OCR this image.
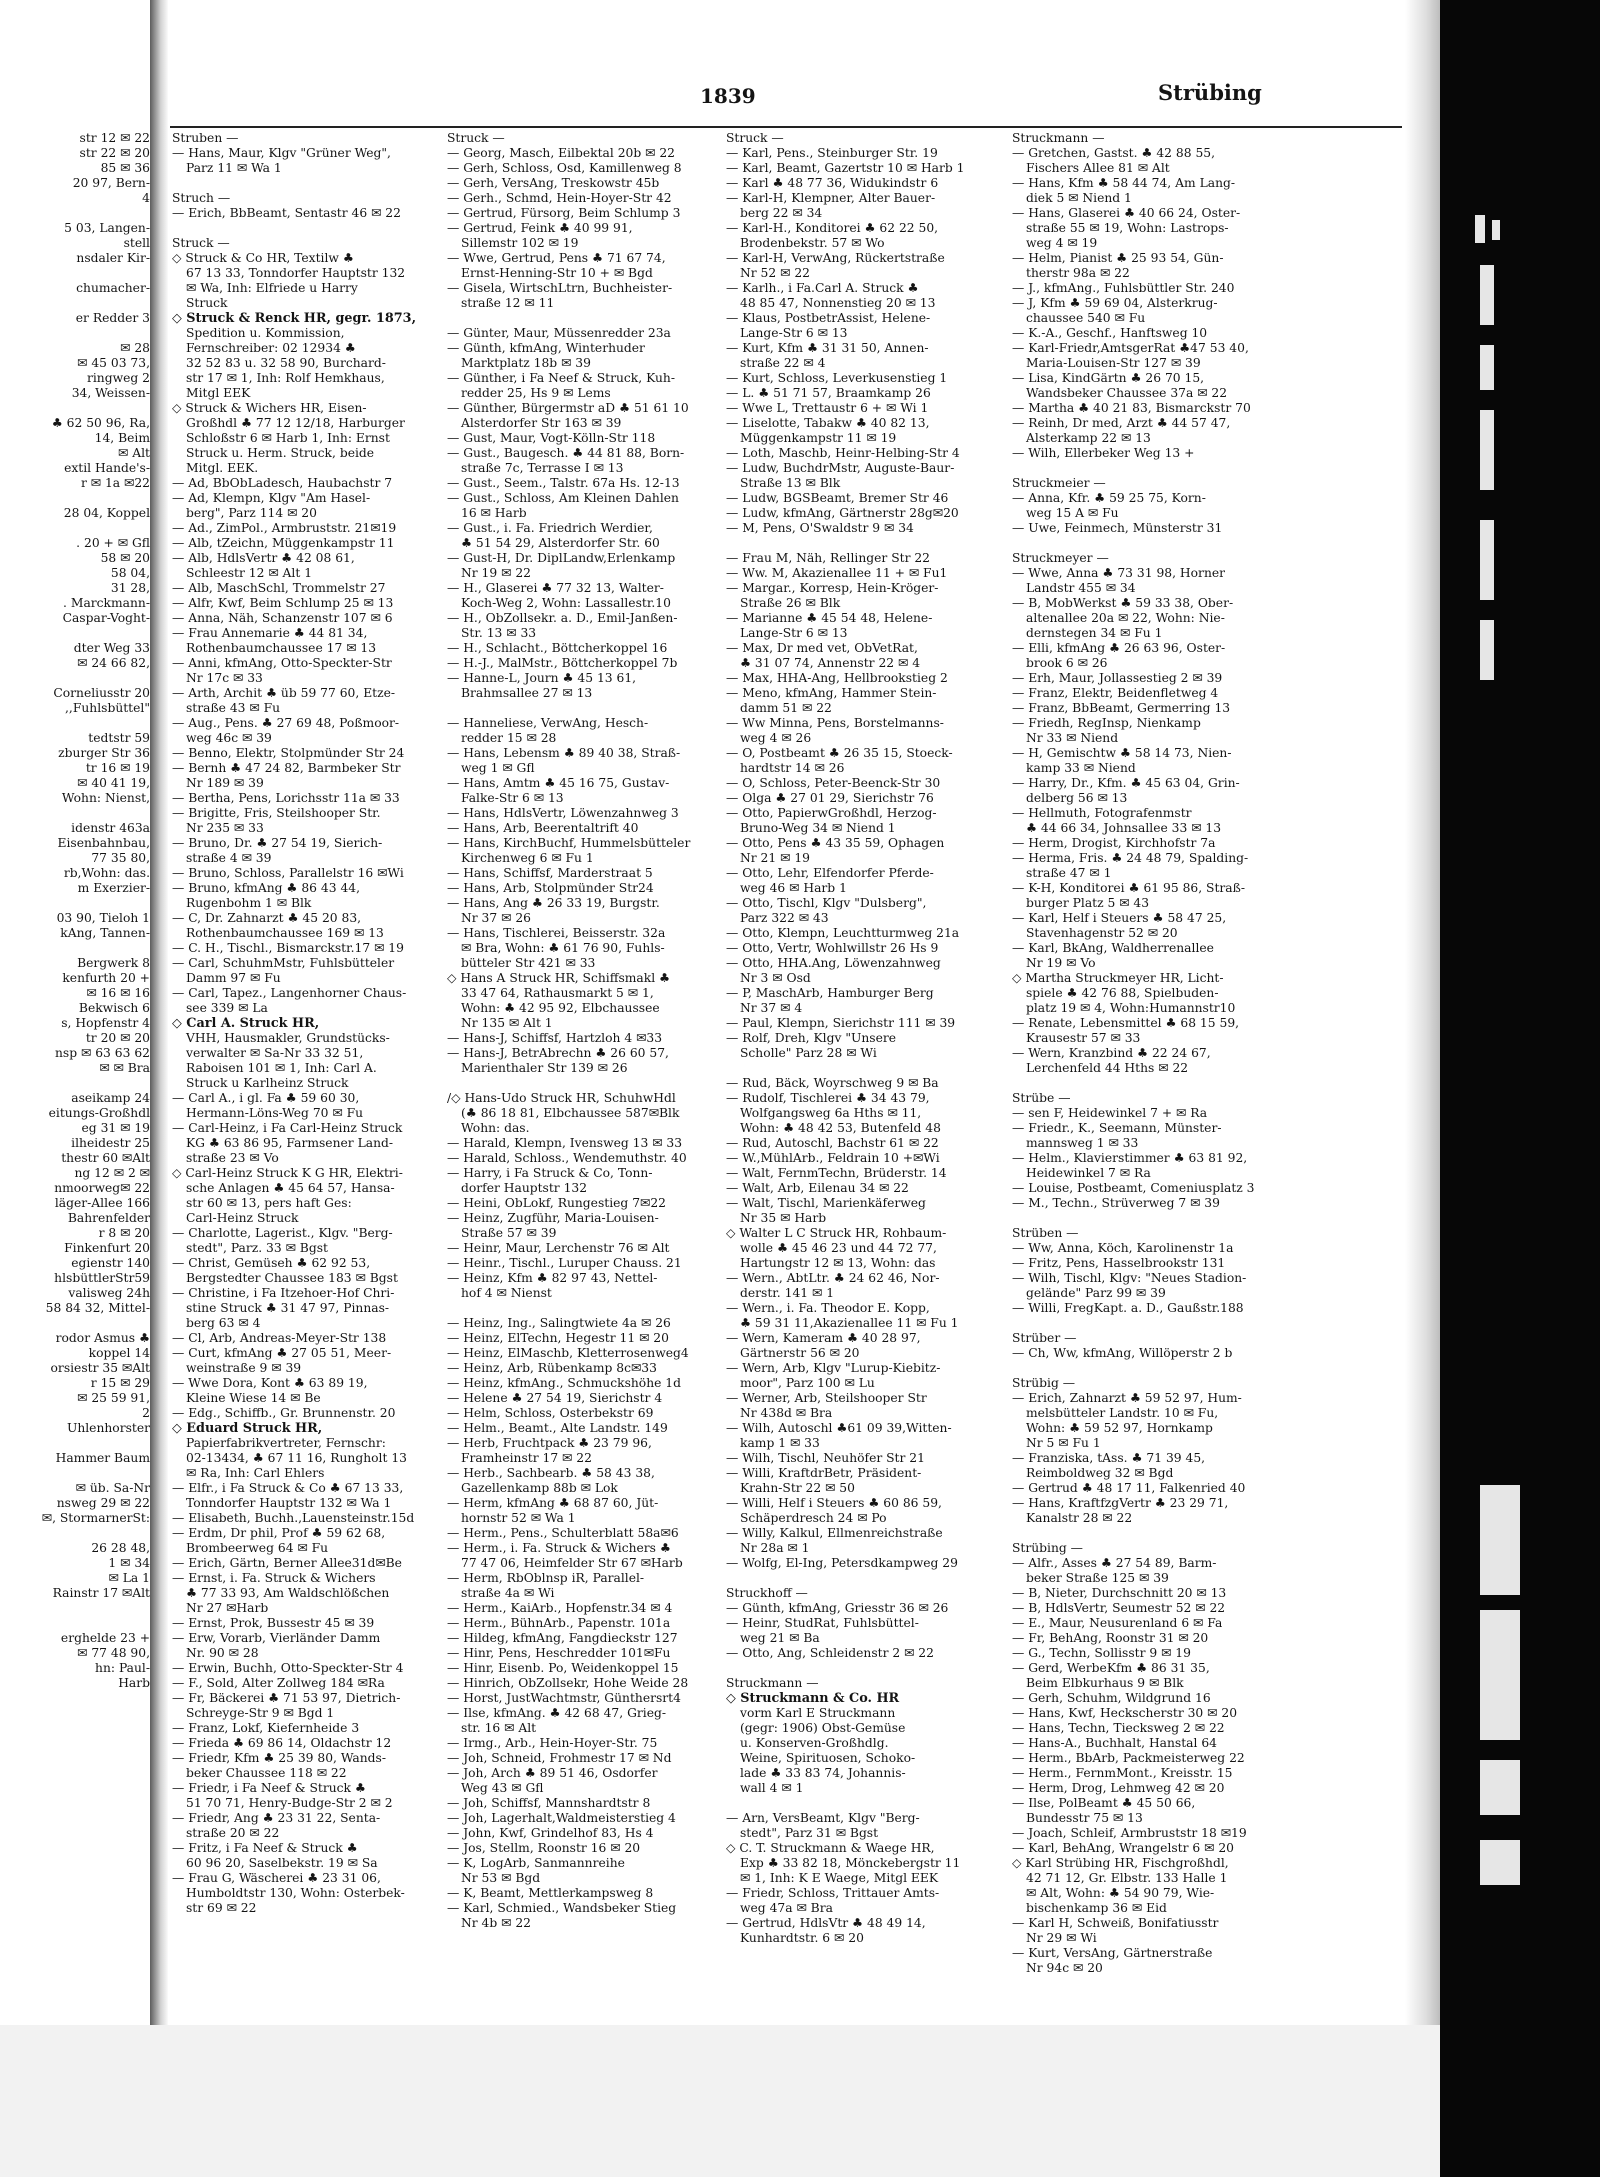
1839	Strübing
str 12 ✉ 22
str 22 ✉ 20
85 ✉ 36
20 97, Bern-
4

5 03, Langen-
stell
nsdaler Kir-

chumacher-

er Redder 3

✉ 28
✉ 45 03 73,
ringweg 2
34, Weissen-

♣ 62 50 96, Ra,
14, Beim
✉ Alt
extil Hande's-
r ✉ 1a ✉22

28 04, Koppel

. 20 + ✉ Gfl
58 ✉ 20
58 04,
31 28,
. Marckmann-
Caspar-Voght-

dter Weg 33
✉ 24 66 82,

Corneliusstr 20
,,Fuhlsbüttel"

tedtstr 59
zburger Str 36
tr 16 ✉ 19
✉ 40 41 19,
Wohn: Nienst,

idenstr 463a
Eisenbahnbau,
77 35 80,
rb,Wohn: das.
m Exerzier-

03 90, Tieloh 1
kAng, Tannen-

Bergwerk 8
kenfurth 20 +
✉ 16 ✉ 16
Bekwisch 6
s, Hopfenstr 4
tr 20 ✉ 20
nsp ✉ 63 63 62
✉ ✉ Bra

aseikamp 24
eitungs-Großhdl
eg 31 ✉ 19
ilheidestr 25
thestr 60 ✉Alt
ng 12 ✉ 2 ✉
nmoorweg✉ 22
läger-Allee 166
Bahrenfelder
r 8 ✉ 20
Finkenfurt 20
egienstr 140
hlsbüttlerStr59
valisweg 24h
58 84 32, Mittel-

rodor Asmus ♣
koppel 14
orsiestr 35 ✉Alt
r 15 ✉ 29
✉ 25 59 91,
2
Uhlenhorster

Hammer Baum

✉ üb. Sa-Nr
nsweg 29 ✉ 22
✉, StormarnerSt:

26 28 48,
1 ✉ 34
✉ La 1
Rainstr 17 ✉Alt

erghelde 23 +
✉ 77 48 90,
hn: Paul-
Harb
Struben —
— Hans, Maur, Klgv "Grüner Weg",
Parz 11 ✉ Wa 1

Struch —
— Erich, BbBeamt, Sentastr 46 ✉ 22

Struck —
◇ Struck & Co HR, Textilw ♣
67 13 33, Tonndorfer Hauptstr 132
✉ Wa, Inh: Elfriede u Harry
Struck
◇ Struck & Renck HR, gegr. 1873,
Spedition u. Kommission,
Fernschreiber: 02 12934 ♣
32 52 83 u. 32 58 90, Burchard-
str 17 ✉ 1, Inh: Rolf Hemkhaus,
Mitgl EEK
◇ Struck & Wichers HR, Eisen-
Großhdl ♣ 77 12 12/18, Harburger
Schloßstr 6 ✉ Harb 1, Inh: Ernst
Struck u. Herm. Struck, beide
Mitgl. EEK.
— Ad, BbObLadesch, Haubachstr 7
— Ad, Klempn, Klgv "Am Hasel-
berg", Parz 114 ✉ 20
— Ad., ZimPol., Armbruststr. 21✉19
— Alb, tZeichn, Müggenkampstr 11
— Alb, HdlsVertr ♣ 42 08 61,
Schleestr 12 ✉ Alt 1
— Alb, MaschSchl, Trommelstr 27
— Alfr, Kwf, Beim Schlump 25 ✉ 13
— Anna, Näh, Schanzenstr 107 ✉ 6
— Frau Annemarie ♣ 44 81 34,
Rothenbaumchaussee 17 ✉ 13
— Anni, kfmAng, Otto-Speckter-Str
Nr 17c ✉ 33
— Arth, Archit ♣ üb 59 77 60, Etze-
straße 43 ✉ Fu
— Aug., Pens. ♣ 27 69 48, Poßmoor-
weg 46c ✉ 39
— Benno, Elektr, Stolpmünder Str 24
— Bernh ♣ 47 24 82, Barmbeker Str
Nr 189 ✉ 39
— Bertha, Pens, Lorichsstr 11a ✉ 33
— Brigitte, Fris, Steilshooper Str.
Nr 235 ✉ 33
— Bruno, Dr. ♣ 27 54 19, Sierich-
straße 4 ✉ 39
— Bruno, Schloss, Parallelstr 16 ✉Wi
— Bruno, kfmAng ♣ 86 43 44,
Rugenbohm 1 ✉ Blk
— C, Dr. Zahnarzt ♣ 45 20 83,
Rothenbaumchaussee 169 ✉ 13
— C. H., Tischl., Bismarckstr.17 ✉ 19
— Carl, SchuhmMstr, Fuhlsbütteler
Damm 97 ✉ Fu
— Carl, Tapez., Langenhorner Chaus-
see 339 ✉ La
◇ Carl A. Struck HR,
VHH, Hausmakler, Grundstücks-
verwalter ✉ Sa-Nr 33 32 51,
Raboisen 101 ✉ 1, Inh: Carl A.
Struck u Karlheinz Struck
— Carl A., i gl. Fa ♣ 59 60 30,
Hermann-Löns-Weg 70 ✉ Fu
— Carl-Heinz, i Fa Carl-Heinz Struck
KG ♣ 63 86 95, Farmsener Land-
straße 23 ✉ Vo
◇ Carl-Heinz Struck K G HR, Elektri-
sche Anlagen ♣ 45 64 57, Hansa-
str 60 ✉ 13, pers haft Ges:
Carl-Heinz Struck
— Charlotte, Lagerist., Klgv. "Berg-
stedt", Parz. 33 ✉ Bgst
— Christ, Gemüseh ♣ 62 92 53,
Bergstedter Chaussee 183 ✉ Bgst
— Christine, i Fa Itzehoer-Hof Chri-
stine Struck ♣ 31 47 97, Pinnas-
berg 63 ✉ 4
— Cl, Arb, Andreas-Meyer-Str 138
— Curt, kfmAng ♣ 27 05 51, Meer-
weinstraße 9 ✉ 39
— Wwe Dora, Kont ♣ 63 89 19,
Kleine Wiese 14 ✉ Be
— Edg., Schiffb., Gr. Brunnenstr. 20
◇ Eduard Struck HR,
Papierfabrikvertreter, Fernschr:
02-13434, ♣ 67 11 16, Rungholt 13
✉ Ra, Inh: Carl Ehlers
— Elfr., i Fa Struck & Co ♣ 67 13 33,
Tonndorfer Hauptstr 132 ✉ Wa 1
— Elisabeth, Buchh.,Lauensteinstr.15d
— Erdm, Dr phil, Prof ♣ 59 62 68,
Brombeerweg 64 ✉ Fu
— Erich, Gärtn, Berner Allee31d✉Be
— Ernst, i. Fa. Struck & Wichers
♣ 77 33 93, Am Waldschlößchen
Nr 27 ✉Harb
— Ernst, Prok, Bussestr 45 ✉ 39
— Erw, Vorarb, Vierländer Damm
Nr. 90 ✉ 28
— Erwin, Buchh, Otto-Speckter-Str 4
— F., Sold, Alter Zollweg 184 ✉Ra
— Fr, Bäckerei ♣ 71 53 97, Dietrich-
Schreyge-Str 9 ✉ Bgd 1
— Franz, Lokf, Kiefernheide 3
— Frieda ♣ 69 86 14, Oldachstr 12
— Friedr, Kfm ♣ 25 39 80, Wands-
beker Chaussee 118 ✉ 22
— Friedr, i Fa Neef & Struck ♣
51 70 71, Henry-Budge-Str 2 ✉ 2
— Friedr, Ang ♣ 23 31 22, Senta-
straße 20 ✉ 22
— Fritz, i Fa Neef & Struck ♣
60 96 20, Saselbekstr. 19 ✉ Sa
— Frau G, Wäscherei ♣ 23 31 06,
Humboldtstr 130, Wohn: Osterbek-
str 69 ✉ 22
Struck —
— Georg, Masch, Eilbektal 20b ✉ 22
— Gerh, Schloss, Osd, Kamillenweg 8
— Gerh, VersAng, Treskowstr 45b
— Gerh., Schmd, Hein-Hoyer-Str 42
— Gertrud, Fürsorg, Beim Schlump 3
— Gertrud, Feink ♣ 40 99 91,
Sillemstr 102 ✉ 19
— Wwe, Gertrud, Pens ♣ 71 67 74,
Ernst-Henning-Str 10 + ✉ Bgd
— Gisela, WirtschLtrn, Buchheister-
straße 12 ✉ 11

— Günter, Maur, Müssenredder 23a
— Günth, kfmAng, Winterhuder
Marktplatz 18b ✉ 39
— Günther, i Fa Neef & Struck, Kuh-
redder 25, Hs 9 ✉ Lems
— Günther, Bürgermstr aD ♣ 51 61 10
Alsterdorfer Str 163 ✉ 39
— Gust, Maur, Vogt-Kölln-Str 118
— Gust., Baugesch. ♣ 44 81 88, Born-
straße 7c, Terrasse I ✉ 13
— Gust., Seem., Talstr. 67a Hs. 12-13
— Gust., Schloss, Am Kleinen Dahlen
16 ✉ Harb
— Gust., i. Fa. Friedrich Werdier,
♣ 51 54 29, Alsterdorfer Str. 60
— Gust-H, Dr. DiplLandw,Erlenkamp
Nr 19 ✉ 22
— H., Glaserei ♣ 77 32 13, Walter-
Koch-Weg 2, Wohn: Lassallestr.10
— H., ObZollsekr. a. D., Emil-Janßen-
Str. 13 ✉ 33
— H., Schlacht., Böttcherkoppel 16
— H.-J., MalMstr., Böttcherkoppel 7b
— Hanne-L, Journ ♣ 45 13 61,
Brahmsallee 27 ✉ 13

— Hanneliese, VerwAng, Hesch-
redder 15 ✉ 28
— Hans, Lebensm ♣ 89 40 38, Straß-
weg 1 ✉ Gfl
— Hans, Amtm ♣ 45 16 75, Gustav-
Falke-Str 6 ✉ 13
— Hans, HdlsVertr, Löwenzahnweg 3
— Hans, Arb, Beerentaltrift 40
— Hans, KirchBuchf, Hummelsbütteler
Kirchenweg 6 ✉ Fu 1
— Hans, Schiffsf, Marderstraat 5
— Hans, Arb, Stolpmünder Str24
— Hans, Ang ♣ 26 33 19, Burgstr.
Nr 37 ✉ 26
— Hans, Tischlerei, Beisserstr. 32a
✉ Bra, Wohn: ♣ 61 76 90, Fuhls-
bütteler Str 421 ✉ 33
◇ Hans A Struck HR, Schiffsmakl ♣
33 47 64, Rathausmarkt 5 ✉ 1,
Wohn: ♣ 42 95 92, Elbchaussee
Nr 135 ✉ Alt 1
— Hans-J, Schiffsf, Hartzloh 4 ✉33
— Hans-J, BetrAbrechn ♣ 26 60 57,
Marienthaler Str 139 ✉ 26

/◇ Hans-Udo Struck HR, SchuhwHdl
(♣ 86 18 81, Elbchaussee 587✉Blk
Wohn: das.
— Harald, Klempn, Ivensweg 13 ✉ 33
— Harald, Schloss., Wendemuthstr. 40
— Harry, i Fa Struck & Co, Tonn-
dorfer Hauptstr 132
— Heini, ObLokf, Rungestieg 7✉22
— Heinz, Zugführ, Maria-Louisen-
Straße 57 ✉ 39
— Heinr, Maur, Lerchenstr 76 ✉ Alt
— Heinr., Tischl., Luruper Chauss. 21
— Heinz, Kfm ♣ 82 97 43, Nettel-
hof 4 ✉ Nienst

— Heinz, Ing., Salingtwiete 4a ✉ 26
— Heinz, ElTechn, Hegestr 11 ✉ 20
— Heinz, ElMaschb, Kletterrosenweg4
— Heinz, Arb, Rübenkamp 8c✉33
— Heinz, kfmAng., Schmuckshöhe 1d
— Helene ♣ 27 54 19, Sierichstr 4
— Helm, Schloss, Osterbekstr 69
— Helm., Beamt., Alte Landstr. 149
— Herb, Fruchtpack ♣ 23 79 96,
Framheinstr 17 ✉ 22
— Herb., Sachbearb. ♣ 58 43 38,
Gazellenkamp 88b ✉ Lok
— Herm, kfmAng ♣ 68 87 60, Jüt-
hornstr 52 ✉ Wa 1
— Herm., Pens., Schulterblatt 58a✉6
— Herm., i. Fa. Struck & Wichers ♣
77 47 06, Heimfelder Str 67 ✉Harb
— Herm, RbOblnsp iR, Parallel-
straße 4a ✉ Wi
— Herm., KaiArb., Hopfenstr.34 ✉ 4
— Herm., BühnArb., Papenstr. 101a
— Hildeg, kfmAng, Fangdieckstr 127
— Hinr, Pens, Heschredder 101✉Fu
— Hinr, Eisenb. Po, Weidenkoppel 15
— Hinrich, ObZollsekr, Hohe Weide 28
— Horst, JustWachtmstr, Günthersrt4
— Ilse, kfmAng. ♣ 42 68 47, Grieg-
str. 16 ✉ Alt
— Irmg., Arb., Hein-Hoyer-Str. 75
— Joh, Schneid, Frohmestr 17 ✉ Nd
— Joh, Arch ♣ 89 51 46, Osdorfer
Weg 43 ✉ Gfl
— Joh, Schiffsf, Mannshardtstr 8
— Joh, Lagerhalt,Waldmeisterstieg 4
— John, Kwf, Grindelhof 83, Hs 4
— Jos, Stellm, Roonstr 16 ✉ 20
— K, LogArb, Sanmannreihe
Nr 53 ✉ Bgd
— K, Beamt, Mettlerkampsweg 8
— Karl, Schmied., Wandsbeker Stieg
Nr 4b ✉ 22
Struck —
— Karl, Pens., Steinburger Str. 19
— Karl, Beamt, Gazertstr 10 ✉ Harb 1
— Karl ♣ 48 77 36, Widukindstr 6
— Karl-H, Klempner, Alter Bauer-
berg 22 ✉ 34
— Karl-H., Konditorei ♣ 62 22 50,
Brodenbekstr. 57 ✉ Wo
— Karl-H, VerwAng, Rückertstraße
Nr 52 ✉ 22
— Karlh., i Fa.Carl A. Struck ♣
48 85 47, Nonnenstieg 20 ✉ 13
— Klaus, PostbetrAssist, Helene-
Lange-Str 6 ✉ 13
— Kurt, Kfm ♣ 31 31 50, Annen-
straße 22 ✉ 4
— Kurt, Schloss, Leverkusenstieg 1
— L. ♣ 51 71 57, Braamkamp 26
— Wwe L, Trettaustr 6 + ✉ Wi 1
— Liselotte, Tabakw ♣ 40 82 13,
Müggenkampstr 11 ✉ 19
— Loth, Maschb, Heinr-Helbing-Str 4
— Ludw, BuchdrMstr, Auguste-Baur-
Straße 13 ✉ Blk
— Ludw, BGSBeamt, Bremer Str 46
— Ludw, kfmAng, Gärtnerstr 28g✉20
— M, Pens, O'Swaldstr 9 ✉ 34

— Frau M, Näh, Rellinger Str 22
— Ww. M, Akazienallee 11 + ✉ Fu1
— Margar., Korresp, Hein-Kröger-
Straße 26 ✉ Blk
— Marianne ♣ 45 54 48, Helene-
Lange-Str 6 ✉ 13
— Max, Dr med vet, ObVetRat,
♣ 31 07 74, Annenstr 22 ✉ 4
— Max, HHA-Ang, Hellbrookstieg 2
— Meno, kfmAng, Hammer Stein-
damm 51 ✉ 22
— Ww Minna, Pens, Borstelmanns-
weg 4 ✉ 26
— O, Postbeamt ♣ 26 35 15, Stoeck-
hardtstr 14 ✉ 26
— O, Schloss, Peter-Beenck-Str 30
— Olga ♣ 27 01 29, Sierichstr 76
— Otto, PapierwGroßhdl, Herzog-
Bruno-Weg 34 ✉ Niend 1
— Otto, Pens ♣ 43 35 59, Ophagen
Nr 21 ✉ 19
— Otto, Lehr, Elfendorfer Pferde-
weg 46 ✉ Harb 1
— Otto, Tischl, Klgv "Dulsberg",
Parz 322 ✉ 43
— Otto, Klempn, Leuchtturmweg 21a
— Otto, Vertr, Wohlwillstr 26 Hs 9
— Otto, HHA.Ang, Löwenzahnweg
Nr 3 ✉ Osd
— P, MaschArb, Hamburger Berg
Nr 37 ✉ 4
— Paul, Klempn, Sierichstr 111 ✉ 39
— Rolf, Dreh, Klgv "Unsere
Scholle" Parz 28 ✉ Wi

— Rud, Bäck, Woyrschweg 9 ✉ Ba
— Rudolf, Tischlerei ♣ 34 43 79,
Wolfgangsweg 6a Hths ✉ 11,
Wohn: ♣ 48 42 53, Butenfeld 48
— Rud, Autoschl, Bachstr 61 ✉ 22
— W.,MühlArb., Feldrain 10 +✉Wi
— Walt, FernmTechn, Brüderstr. 14
— Walt, Arb, Eilenau 34 ✉ 22
— Walt, Tischl, Marienkäferweg
Nr 35 ✉ Harb
◇ Walter L C Struck HR, Rohbaum-
wolle ♣ 45 46 23 und 44 72 77,
Hartungstr 12 ✉ 13, Wohn: das
— Wern., AbtLtr. ♣ 24 62 46, Nor-
derstr. 141 ✉ 1
— Wern., i. Fa. Theodor E. Kopp,
♣ 59 31 11,Akazienallee 11 ✉ Fu 1
— Wern, Kameram ♣ 40 28 97,
Gärtnerstr 56 ✉ 20
— Wern, Arb, Klgv "Lurup-Kiebitz-
moor", Parz 100 ✉ Lu
— Werner, Arb, Steilshooper Str
Nr 438d ✉ Bra
— Wilh, Autoschl ♣61 09 39,Witten-
kamp 1 ✉ 33
— Wilh, Tischl, Neuhöfer Str 21
— Willi, KraftdrBetr, Präsident-
Krahn-Str 22 ✉ 50
— Willi, Helf i Steuers ♣ 60 86 59,
Schäperdresch 24 ✉ Po
— Willy, Kalkul, Ellmenreichstraße
Nr 28a ✉ 1
— Wolfg, El-Ing, Petersdkampweg 29

Struckhoff —
— Günth, kfmAng, Griesstr 36 ✉ 26
— Heinr, StudRat, Fuhlsbüttel-
weg 21 ✉ Ba
— Otto, Ang, Schleidenstr 2 ✉ 22

Struckmann —
◇ Struckmann & Co. HR
vorm Karl E Struckmann
(gegr: 1906) Obst-Gemüse
u. Konserven-Großhdlg.
Weine, Spirituosen, Schoko-
lade ♣ 33 83 74, Johannis-
wall 4 ✉ 1

— Arn, VersBeamt, Klgv "Berg-
stedt", Parz 31 ✉ Bgst
◇ C. T. Struckmann & Waege HR,
Exp ♣ 33 82 18, Mönckebergstr 11
✉ 1, Inh: K E Waege, Mitgl EEK
— Friedr, Schloss, Trittauer Amts-
weg 47a ✉ Bra
— Gertrud, HdlsVtr ♣ 48 49 14,
Kunhardtstr. 6 ✉ 20
Struckmann —
— Gretchen, Gastst. ♣ 42 88 55,
Fischers Allee 81 ✉ Alt
— Hans, Kfm ♣ 58 44 74, Am Lang-
diek 5 ✉ Niend 1
— Hans, Glaserei ♣ 40 66 24, Oster-
straße 55 ✉ 19, Wohn: Lastrops-
weg 4 ✉ 19
— Helm, Pianist ♣ 25 93 54, Gün-
therstr 98a ✉ 22
— J., kfmAng., Fuhlsbüttler Str. 240
— J, Kfm ♣ 59 69 04, Alsterkrug-
chaussee 540 ✉ Fu
— K.-A., Geschf., Hanftsweg 10
— Karl-Friedr,AmtsgerRat ♣47 53 40,
Maria-Louisen-Str 127 ✉ 39
— Lisa, KindGärtn ♣ 26 70 15,
Wandsbeker Chaussee 37a ✉ 22
— Martha ♣ 40 21 83, Bismarckstr 70
— Reinh, Dr med, Arzt ♣ 44 57 47,
Alsterkamp 22 ✉ 13
— Wilh, Ellerbeker Weg 13 +

Struckmeier —
— Anna, Kfr. ♣ 59 25 75, Korn-
weg 15 A ✉ Fu
— Uwe, Feinmech, Münsterstr 31

Struckmeyer —
— Wwe, Anna ♣ 73 31 98, Horner
Landstr 455 ✉ 34
— B, MobWerkst ♣ 59 33 38, Ober-
altenallee 20a ✉ 22, Wohn: Nie-
dernstegen 34 ✉ Fu 1
— Elli, kfmAng ♣ 26 63 96, Oster-
brook 6 ✉ 26
— Erh, Maur, Jollassestieg 2 ✉ 39
— Franz, Elektr, Beidenfletweg 4
— Franz, BbBeamt, Germerring 13
— Friedh, RegInsp, Nienkamp
Nr 33 ✉ Niend
— H, Gemischtw ♣ 58 14 73, Nien-
kamp 33 ✉ Niend
— Harry, Dr., Kfm. ♣ 45 63 04, Grin-
delberg 56 ✉ 13
— Hellmuth, Fotografenmstr
♣ 44 66 34, Johnsallee 33 ✉ 13
— Herm, Drogist, Kirchhofstr 7a
— Herma, Fris. ♣ 24 48 79, Spalding-
straße 47 ✉ 1
— K-H, Konditorei ♣ 61 95 86, Straß-
burger Platz 5 ✉ 43
— Karl, Helf i Steuers ♣ 58 47 25,
Stavenhagenstr 52 ✉ 20
— Karl, BkAng, Waldherrenallee
Nr 19 ✉ Vo
◇ Martha Struckmeyer HR, Licht-
spiele ♣ 42 76 88, Spielbuden-
platz 19 ✉ 4, Wohn:Humannstr10
— Renate, Lebensmittel ♣ 68 15 59,
Krausestr 57 ✉ 33
— Wern, Kranzbind ♣ 22 24 67,
Lerchenfeld 44 Hths ✉ 22

Strübe —
— sen F, Heidewinkel 7 + ✉ Ra
— Friedr., K., Seemann, Münster-
mannsweg 1 ✉ 33
— Helm., Klavierstimmer ♣ 63 81 92,
Heidewinkel 7 ✉ Ra
— Louise, Postbeamt, Comeniusplatz 3
— M., Techn., Strüverweg 7 ✉ 39

Strüben —
— Ww, Anna, Köch, Karolinenstr 1a
— Fritz, Pens, Hasselbrookstr 131
— Wilh, Tischl, Klgv: "Neues Stadion-
gelände" Parz 99 ✉ 39
— Willi, FregKapt. a. D., Gaußstr.188

Strüber —
— Ch, Ww, kfmAng, Willöperstr 2 b

Strübig —
— Erich, Zahnarzt ♣ 59 52 97, Hum-
melsbütteler Landstr. 10 ✉ Fu,
Wohn: ♣ 59 52 97, Hornkamp
Nr 5 ✉ Fu 1
— Franziska, tAss. ♣ 71 39 45,
Reimboldweg 32 ✉ Bgd
— Gertrud ♣ 48 17 11, Falkenried 40
— Hans, KraftfzgVertr ♣ 23 29 71,
Kanalstr 28 ✉ 22

Strübing —
— Alfr., Asses ♣ 27 54 89, Barm-
beker Straße 125 ✉ 39
— B, Nieter, Durchschnitt 20 ✉ 13
— B, HdlsVertr, Seumestr 52 ✉ 22
— E., Maur, Neusurenland 6 ✉ Fa
— Fr, BehAng, Roonstr 31 ✉ 20
— G., Techn, Sollisstr 9 ✉ 19
— Gerd, WerbeKfm ♣ 86 31 35,
Beim Elbkurhaus 9 ✉ Blk
— Gerh, Schuhm, Wildgrund 16
— Hans, Kwf, Heckscherstr 30 ✉ 20
— Hans, Techn, Tiecksweg 2 ✉ 22
— Hans-A., Buchhalt, Hanstal 64
— Herm., BbArb, Packmeisterweg 22
— Herm., FernmMont., Kreisstr. 15
— Herm, Drog, Lehmweg 42 ✉ 20
— Ilse, PolBeamt ♣ 45 50 66,
Bundesstr 75 ✉ 13
— Joach, Schleif, Armbruststr 18 ✉19
— Karl, BehAng, Wrangelstr 6 ✉ 20
◇ Karl Strübing HR, Fischgroßhdl,
42 71 12, Gr. Elbstr. 133 Halle 1
✉ Alt, Wohn: ♣ 54 90 79, Wie-
bischenkamp 36 ✉ Eid
— Karl H, Schweiß, Bonifatiusstr
Nr 29 ✉ Wi
— Kurt, VersAng, Gärtnerstraße
Nr 94c ✉ 20
